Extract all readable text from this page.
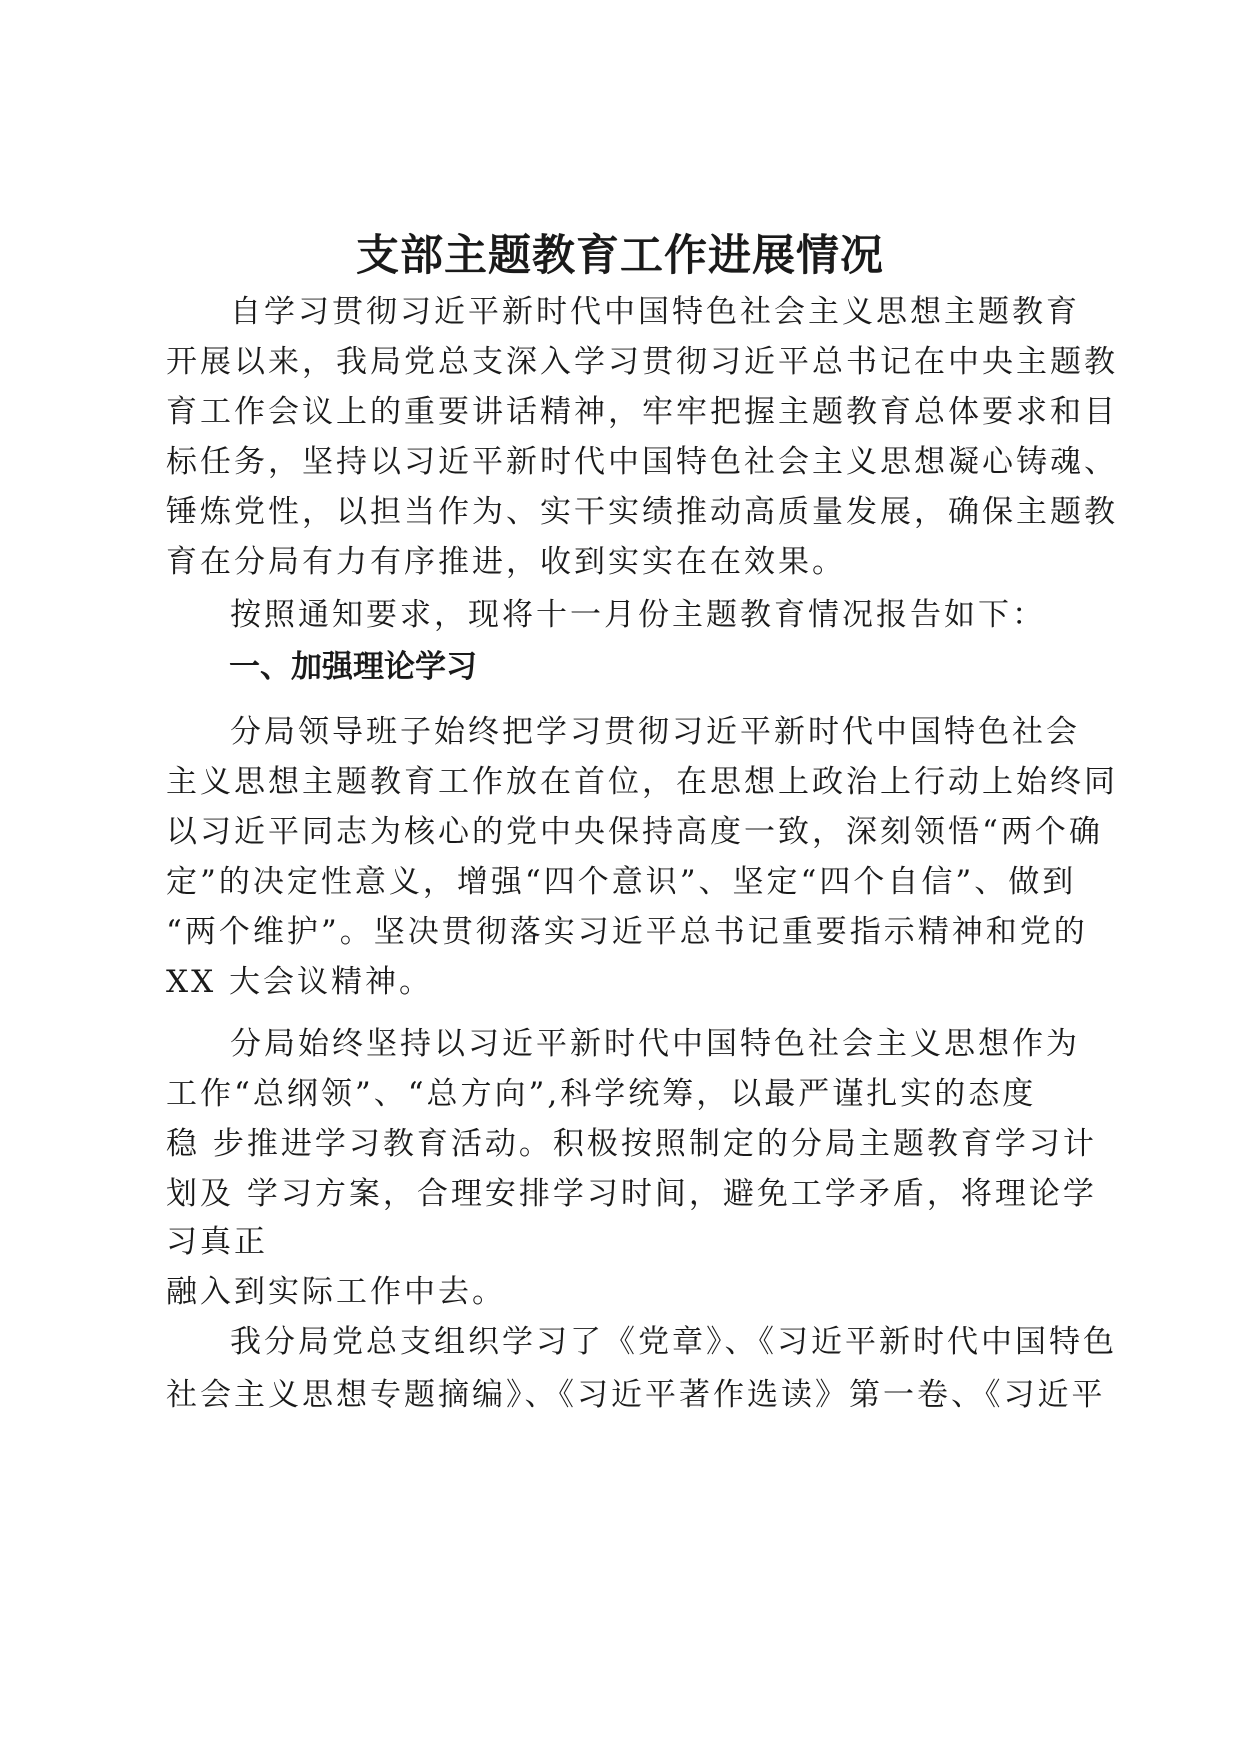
支部主题教育工作进展情况
自学习贯彻习近平新时代中国特色社会主义思想主题教育
开展以来，我局党总支深入学习贯彻习近平总书记在中央主题教
育工作会议上的重要讲话精神，牢牢把握主题教育总体要求和目
标任务，坚持以习近平新时代中国特色社会主义思想凝心铸魂、
锤炼党性，以担当作为、实干实绩推动高质量发展，确保主题教
育在分局有力有序推进，收到实实在在效果。
按照通知要求，现将十一月份主题教育情况报告如下：
一、加强理论学习
分局领导班子始终把学习贯彻习近平新时代中国特色社会
主义思想主题教育工作放在首位，在思想上政治上行动上始终同
以习近平同志为核心的党中央保持高度一致，深刻领悟“两个确
定”的决定性意义，增强“四个意识”、坚定“四个自信”、做到
“两个维护”。坚决贯彻落实习近平总书记重要指示精神和党的
XX 大会议精神。
分局始终坚持以习近平新时代中国特色社会主义思想作为
工作“总纲领”、“总方向”,科学统筹，以最严谨扎实的态度
稳 步推进学习教育活动。积极按照制定的分局主题教育学习计
划及 学习方案，合理安排学习时间，避免工学矛盾，将理论学
习真正
融入到实际工作中去。
我分局党总支组织学习了《党章》、《习近平新时代中国特色
社会主义思想专题摘编》、《习近平著作选读》第一卷、《习近平
